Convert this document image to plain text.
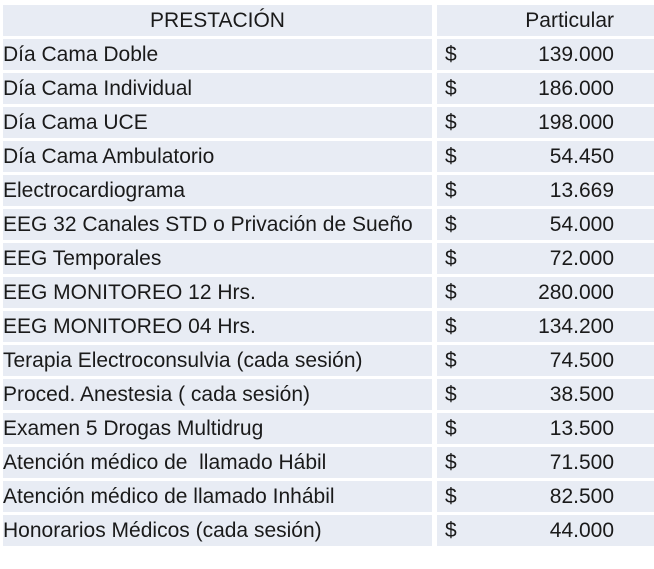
PRESTACIÓN	Particular
Día Cama Doble	$ 139.000

Día Cama Individual	$ 186.000

Día Cama UCE	$ 198.000

Día Cama Ambulatorio	$ 54.450

Electrocardiograma	$ 13.669

EEG 32 Canales STD o Privación de Sueño	$ 54.000

EEG Temporales	$ 72.000

EEG MONITOREO 12 Hrs.	$ 280.000

EEG MONITOREO 04 Hrs.	$ 134.200

Terapia Electroconsulvia (cada sesión)	$ 74.500

Proced. Anestesia ( cada sesión)	$ 38.500

Examen 5 Drogas Multidrug	$ 13.500

Atención médico de  llamado Hábil	$ 71.500

Atención médico de llamado Inhábil	$ 82.500

Honorarios Médicos (cada sesión)	$ 44.000
